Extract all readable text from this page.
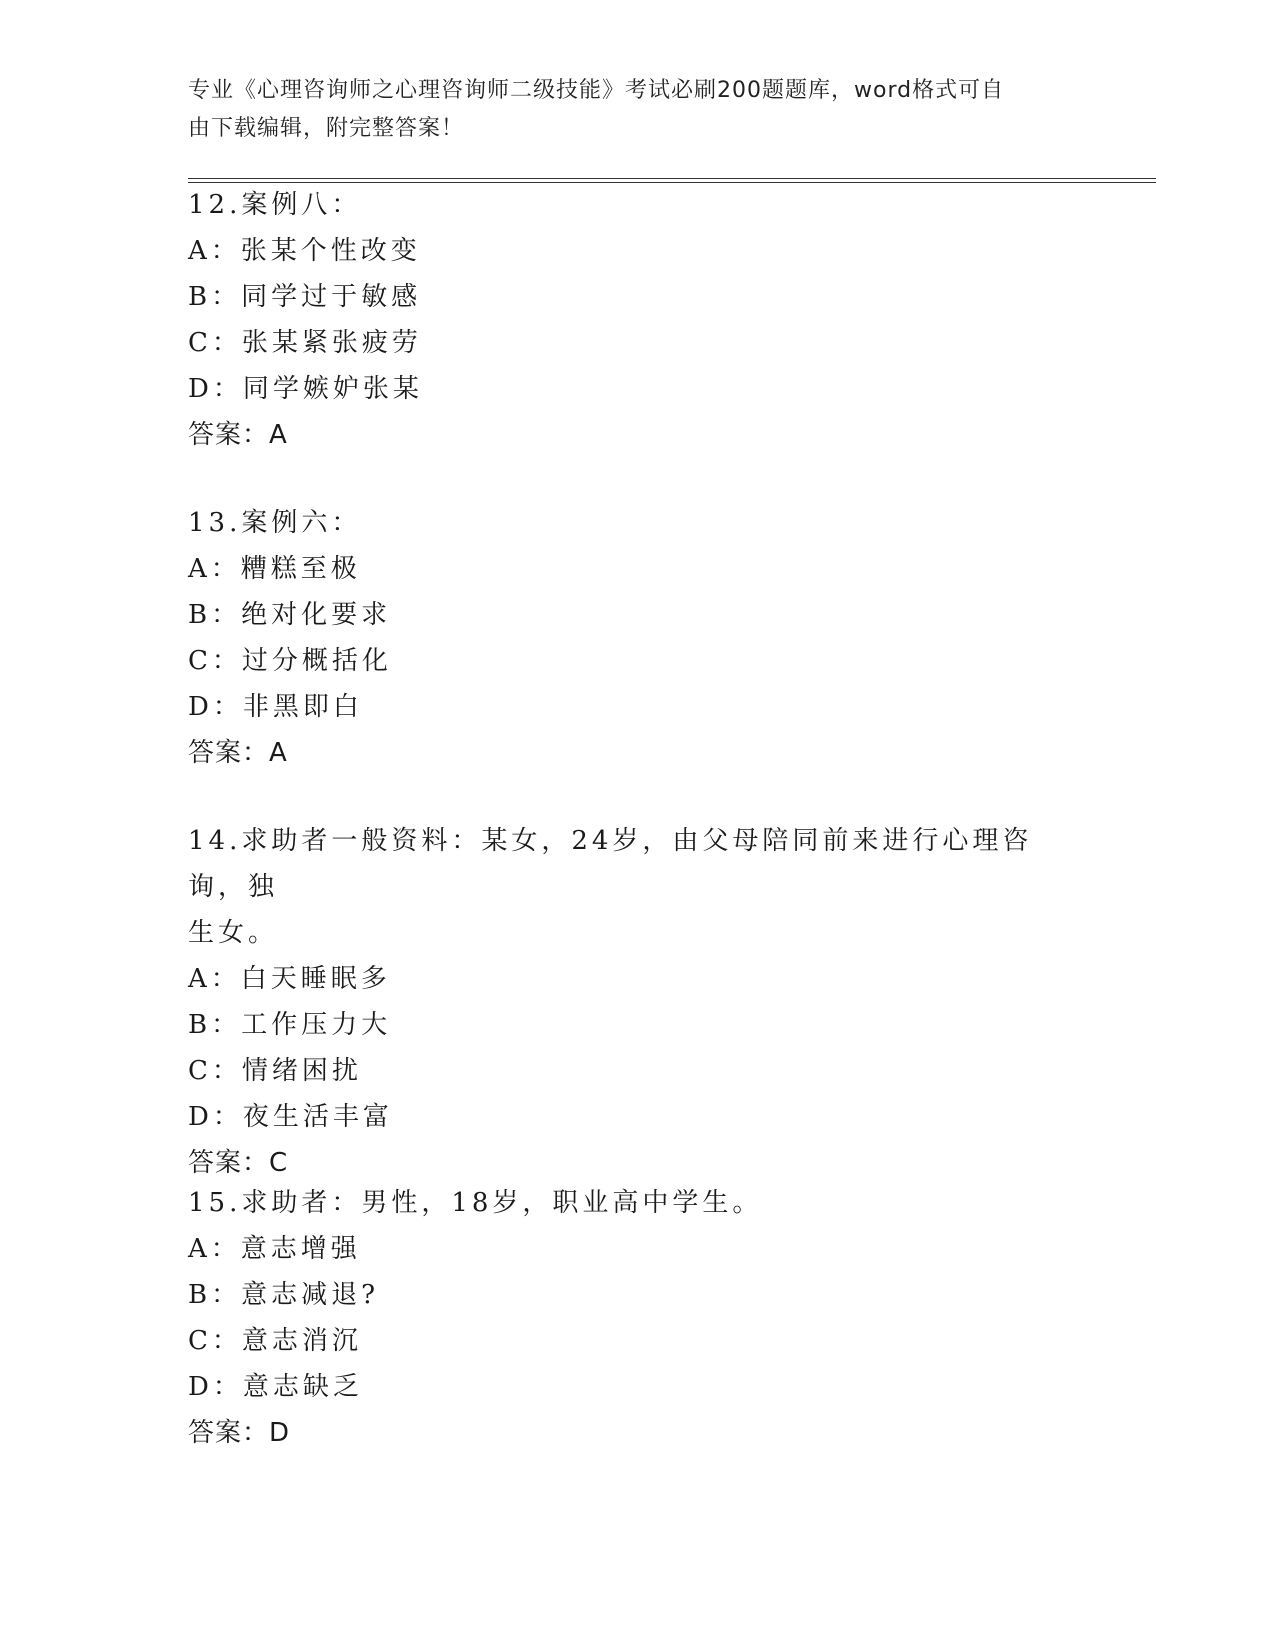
专业《心理咨询师之心理咨询师二级技能》考试必刷200题题库，word格式可自
由下载编辑，附完整答案！
12.案例八：
A：张某个性改变
B：同学过于敏感
C：张某紧张疲劳
D：同学嫉妒张某
答案：A
13.案例六：
A：糟糕至极
B：绝对化要求
C：过分概括化
D：非黑即白
答案：A
14.求助者一般资料：某女，24岁，由父母陪同前来进行心理咨询，独
生女。
A：白天睡眠多
B：工作压力大
C：情绪困扰
D：夜生活丰富
答案：C
15.求助者：男性，18岁，职业高中学生。
A：意志增强
B：意志减退?
C：意志消沉
D：意志缺乏
答案：D
